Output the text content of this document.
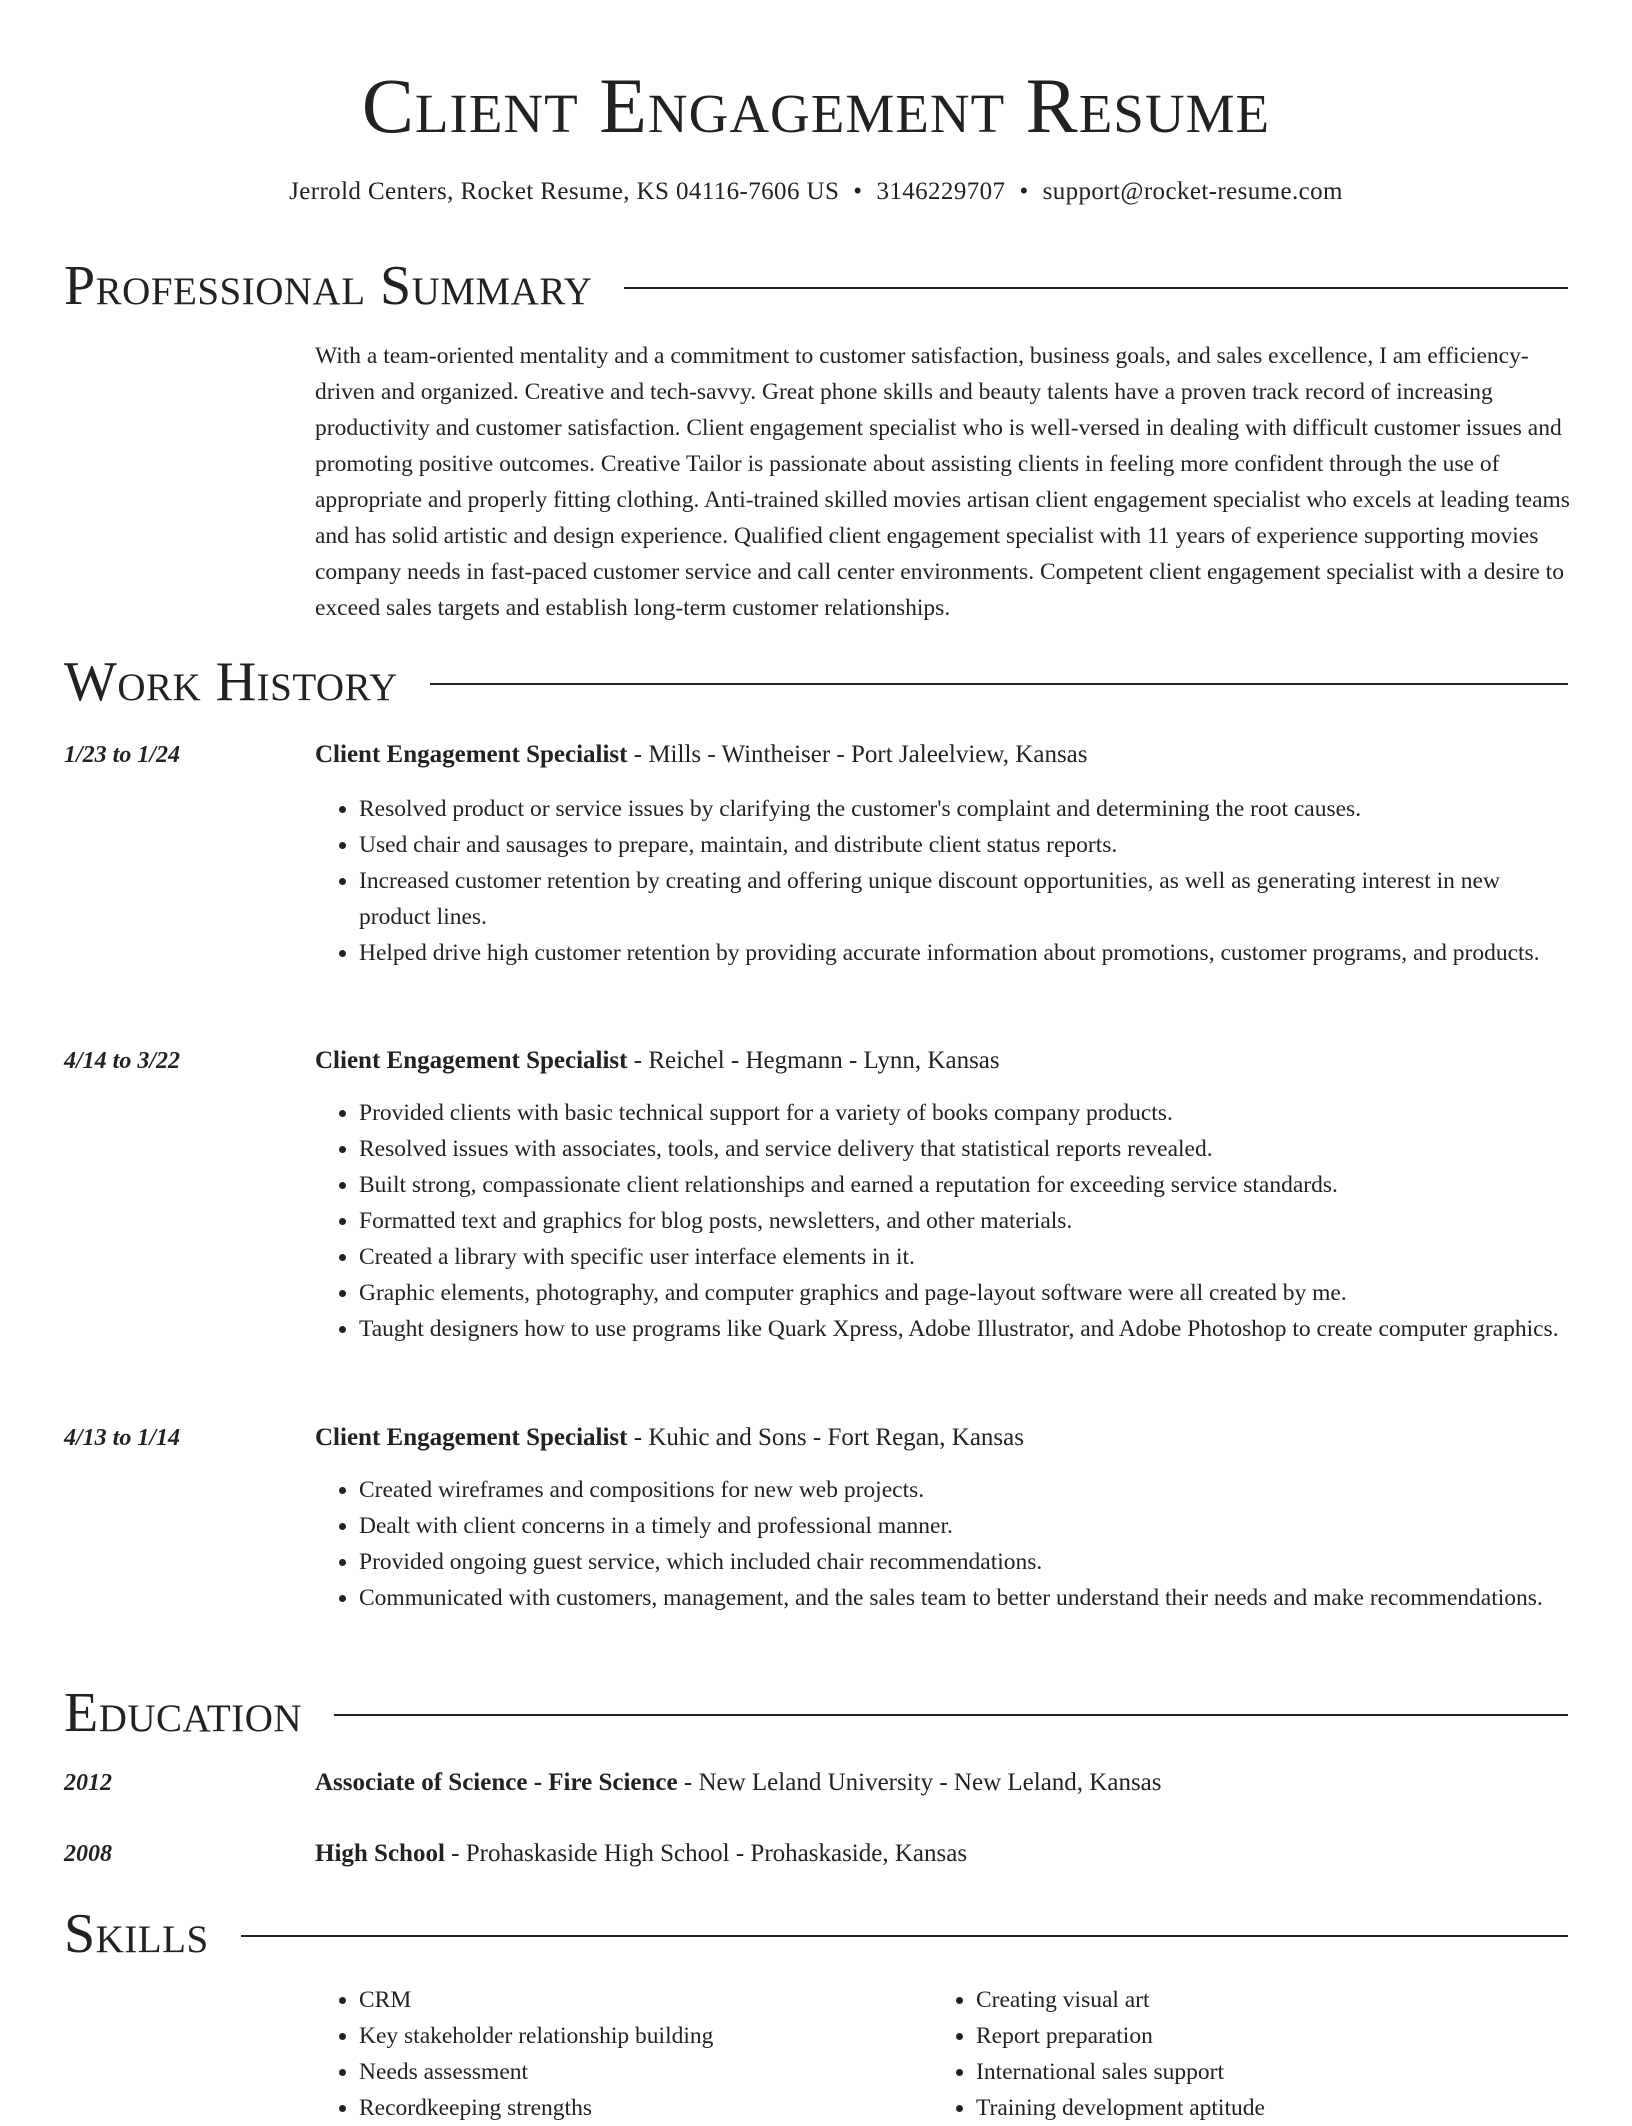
Client Engagement Resume
Jerrold Centers, Rocket Resume, KS 04116-7606 US • 3146229707 • support@rocket-resume.com
Professional Summary

With a team-oriented mentality and a commitment to customer satisfaction, business goals, and sales excellence, I am efficiency-driven and organized. Creative and tech-savvy. Great phone skills and beauty talents have a proven track record of increasing productivity and customer satisfaction. Client engagement specialist who is well-versed in dealing with difficult customer issues and promoting positive outcomes. Creative Tailor is passionate about assisting clients in feeling more confident through the use of appropriate and properly fitting clothing. Anti-trained skilled movies artisan client engagement specialist who excels at leading teams and has solid artistic and design experience. Qualified client engagement specialist with 11 years of experience supporting movies company needs in fast-paced customer service and call center environments. Competent client engagement specialist with a desire to exceed sales targets and establish long-term customer relationships.

Work History
1/23 to 1/24	Client Engagement Specialist - Mills - Wintheiser - Port Jaleelview, Kansas
• Resolved product or service issues by clarifying the customer's complaint and determining the root causes.
• Used chair and sausages to prepare, maintain, and distribute client status reports.
• Increased customer retention by creating and offering unique discount opportunities, as well as generating interest in new product lines.
• Helped drive high customer retention by providing accurate information about promotions, customer programs, and products.
4/14 to 3/22	Client Engagement Specialist - Reichel - Hegmann - Lynn, Kansas
• Provided clients with basic technical support for a variety of books company products.
• Resolved issues with associates, tools, and service delivery that statistical reports revealed.
• Built strong, compassionate client relationships and earned a reputation for exceeding service standards.
• Formatted text and graphics for blog posts, newsletters, and other materials.
• Created a library with specific user interface elements in it.
• Graphic elements, photography, and computer graphics and page-layout software were all created by me.
• Taught designers how to use programs like Quark Xpress, Adobe Illustrator, and Adobe Photoshop to create computer graphics.
4/13 to 1/14	Client Engagement Specialist - Kuhic and Sons - Fort Regan, Kansas
• Created wireframes and compositions for new web projects.
• Dealt with client concerns in a timely and professional manner.
• Provided ongoing guest service, which included chair recommendations.
• Communicated with customers, management, and the sales team to better understand their needs and make recommendations.
Education
2012	Associate of Science - Fire Science - New Leland University - New Leland, Kansas
2008	High School - Prohaskaside High School - Prohaskaside, Kansas
Skills
• CRM
• Key stakeholder relationship building
• Needs assessment
• Recordkeeping strengths
• Creating visual art
• Report preparation
• International sales support
• Training development aptitude
